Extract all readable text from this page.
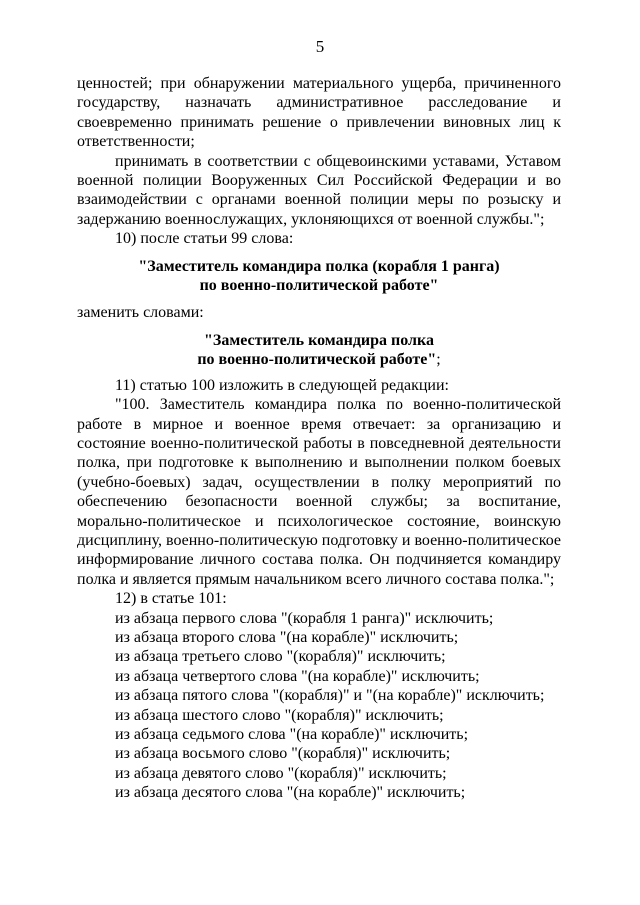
5

ценностей; при обнаружении материального ущерба, причиненного государству, назначать административное расследование и своевременно принимать решение о привлечении виновных лиц к ответственности;

принимать в соответствии с общевоинскими уставами, Уставом военной полиции Вооруженных Сил Российской Федерации и во взаимодействии с органами военной полиции меры по розыску и задержанию военнослужащих, уклоняющихся от военной службы.";

10) после статьи 99 слова:

"Заместитель командира полка (корабля 1 ранга)
по военно-политической работе"

заменить словами:

"Заместитель командира полка
по военно-политической работе";

11) статью 100 изложить в следующей редакции:

"100. Заместитель командира полка по военно-политической работе в мирное и военное время отвечает: за организацию и состояние военно-политической работы в повседневной деятельности полка, при подготовке к выполнению и выполнении полком боевых (учебно-боевых) задач, осуществлении в полку мероприятий по обеспечению безопасности военной службы; за воспитание, морально-политическое и психологическое состояние, воинскую дисциплину, военно-политическую подготовку и военно-политическое информирование личного состава полка. Он подчиняется командиру полка и является прямым начальником всего личного состава полка.";

12) в статье 101:

из абзаца первого слова "(корабля 1 ранга)" исключить;

из абзаца второго слова "(на корабле)" исключить;

из абзаца третьего слово "(корабля)" исключить;

из абзаца четвертого слова "(на корабле)" исключить;

из абзаца пятого слова "(корабля)" и "(на корабле)" исключить;

из абзаца шестого слово "(корабля)" исключить;

из абзаца седьмого слова "(на корабле)" исключить;

из абзаца восьмого слово "(корабля)" исключить;

из абзаца девятого слово "(корабля)" исключить;

из абзаца десятого слова "(на корабле)" исключить;
